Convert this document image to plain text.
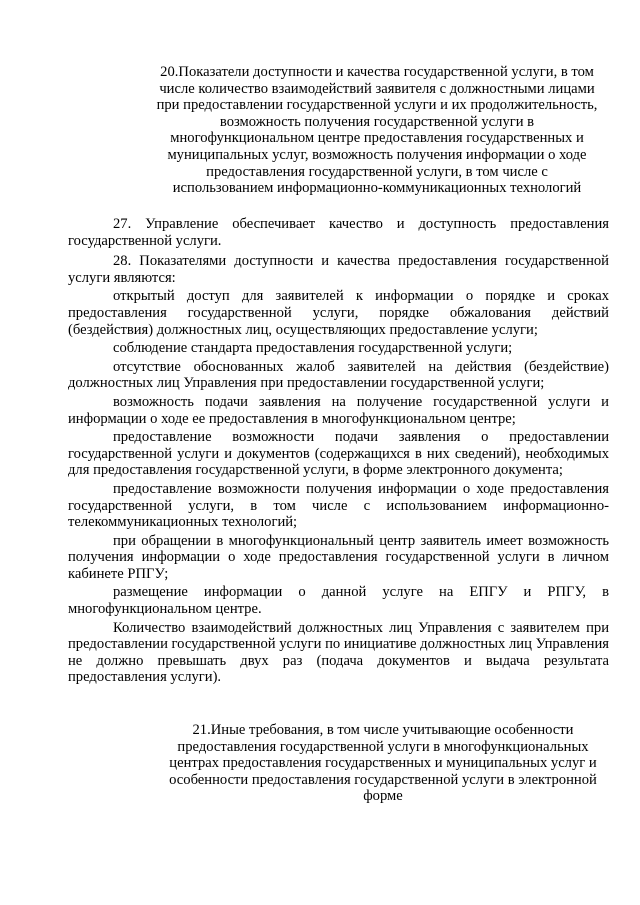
20.Показатели доступности и качества государственной услуги, в том

числе количество взаимодействий заявителя с должностными лицами

при предоставлении государственной услуги и их продолжительность,

возможность получения государственной услуги в

многофункциональном центре предоставления государственных и

муниципальных услуг, возможность получения информации о ходе

предоставления государственной услуги, в том числе с

использованием информационно-коммуникационных технологий

27. Управление обеспечивает качество и доступность предоставления государственной услуги.

28. Показателями доступности и качества предоставления государственной услуги являются:

открытый доступ для заявителей к информации о порядке и сроках предоставления государственной услуги, порядке обжалования действий (бездействия) должностных лиц, осуществляющих предоставление услуги;

соблюдение стандарта предоставления государственной услуги;

отсутствие обоснованных жалоб заявителей на действия (бездействие) должностных лиц Управления при предоставлении государственной услуги;

возможность подачи заявления на получение государственной услуги и информации о ходе ее предоставления в многофункциональном центре;

предоставление возможности подачи заявления о предоставлении государственной услуги и документов (содержащихся в них сведений), необходимых для предоставления государственной услуги, в форме электронного документа;

предоставление возможности получения информации о ходе предоставления государственной услуги, в том числе с использованием информационно-телекоммуникационных технологий;

при обращении в многофункциональный центр заявитель имеет возможность получения информации о ходе предоставления государственной услуги в личном кабинете РПГУ;

размещение информации о данной услуге на ЕПГУ и РПГУ, в многофункциональном центре.

Количество взаимодействий должностных лиц Управления с заявителем при предоставлении государственной услуги по инициативе должностных лиц Управления не должно превышать двух раз (подача документов и выдача результата предоставления услуги).

21.Иные требования, в том числе учитывающие особенности

предоставления государственной услуги в многофункциональных

центрах предоставления государственных и муниципальных услуг и

особенности предоставления государственной услуги в электронной

форме
